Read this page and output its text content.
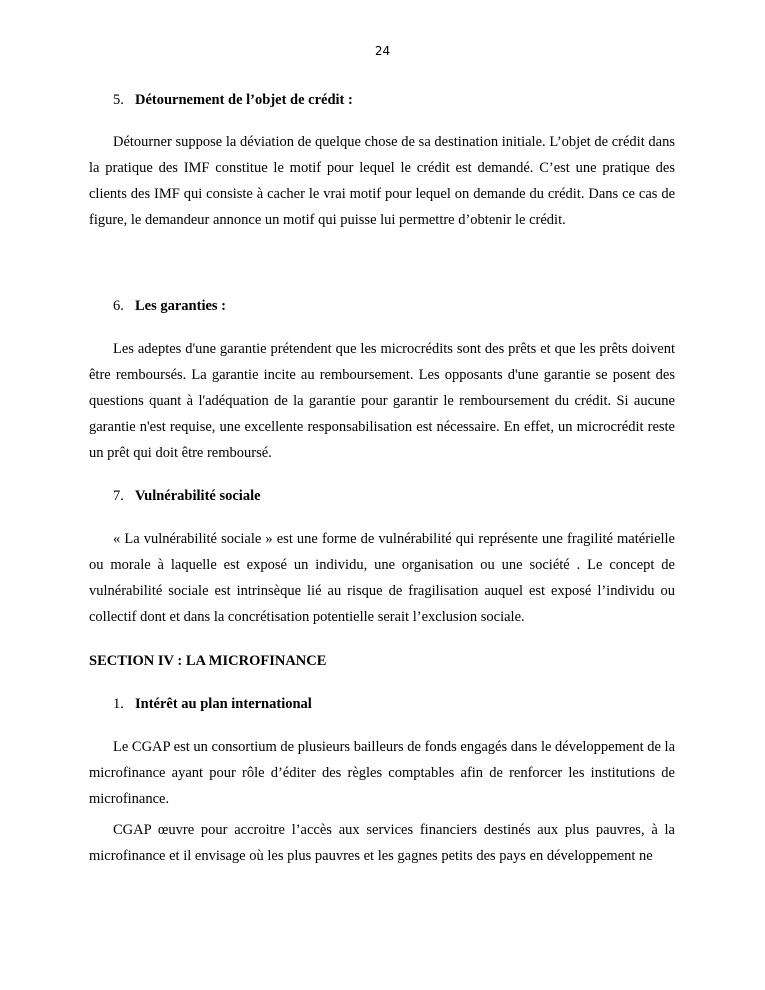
24
5. Détournement de l’objet de crédit :

Détourner suppose la déviation de quelque chose de sa destination initiale. L’objet de crédit dans la pratique des IMF constitue le motif pour lequel le crédit est demandé. C’est une pratique des clients des IMF qui consiste à cacher le vrai motif pour lequel on demande du crédit. Dans ce cas de figure, le demandeur annonce un motif qui puisse lui permettre d’obtenir le crédit.

6. Les garanties :

Les adeptes d'une garantie prétendent que les microcrédits sont des prêts et que les prêts doivent être remboursés. La garantie incite au remboursement. Les opposants d'une garantie se posent des questions quant à l'adéquation de la garantie pour garantir le remboursement du crédit. Si aucune garantie n'est requise, une excellente responsabilisation est nécessaire. En effet, un microcrédit reste un prêt qui doit être remboursé.

7. Vulnérabilité sociale

« La vulnérabilité sociale » est une forme de vulnérabilité qui représente une fragilité matérielle ou morale à laquelle est exposé un individu, une organisation ou une société . Le concept de vulnérabilité sociale est intrinsèque lié au risque de fragilisation auquel est exposé l’individu ou collectif dont et dans la concrétisation potentielle serait l’exclusion sociale.

SECTION IV : LA MICROFINANCE
1. Intérêt au plan international

Le CGAP est un consortium de plusieurs bailleurs de fonds engagés dans le développement de la microfinance ayant pour rôle d’éditer des règles comptables afin de renforcer les institutions de microfinance.

CGAP œuvre pour accroitre l’accès aux services financiers destinés aux plus pauvres, à la microfinance et il envisage où les plus pauvres et les gagnes petits des pays en développement ne
